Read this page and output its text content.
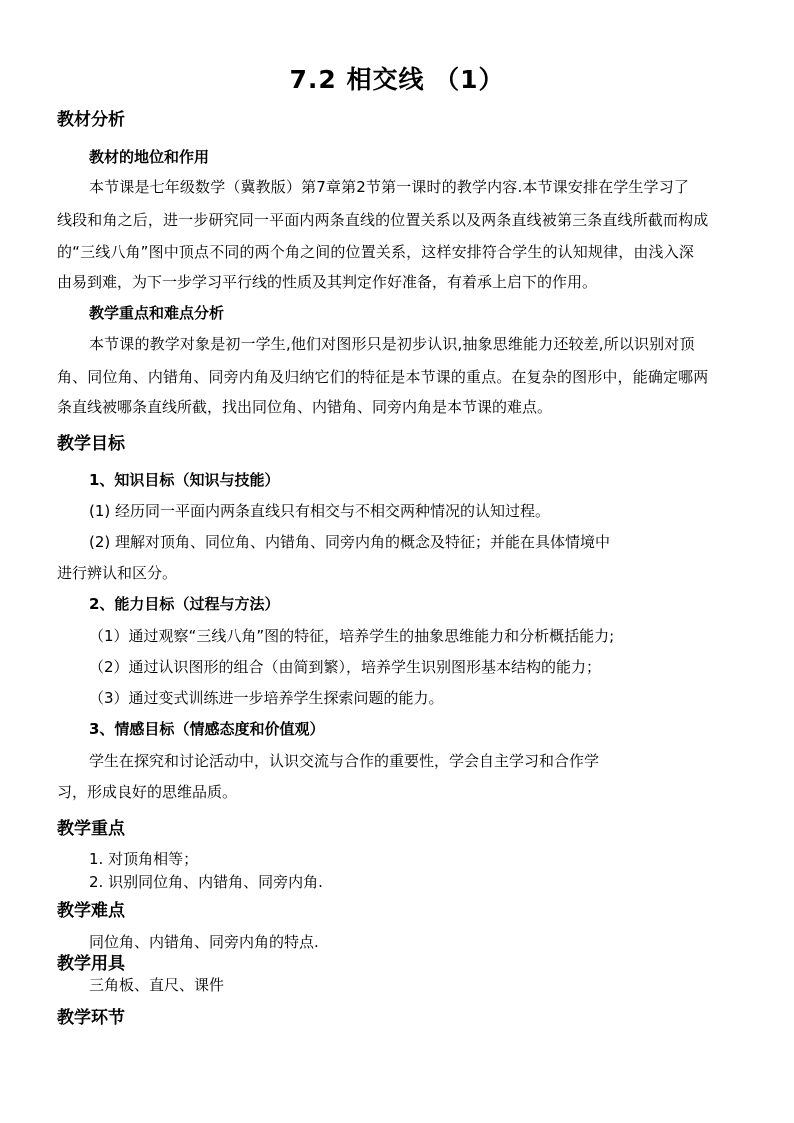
7.2 相交线 （1）
教材分析
教材的地位和作用
本节课是七年级数学（冀教版）第7章第2节第一课时的教学内容.本节课安排在学生学习了
线段和角之后，进一步研究同一平面内两条直线的位置关系以及两条直线被第三条直线所截而构成
的“三线八角”图中顶点不同的两个角之间的位置关系，这样安排符合学生的认知规律，由浅入深
由易到难，为下一步学习平行线的性质及其判定作好准备，有着承上启下的作用。
教学重点和难点分析
本节课的教学对象是初一学生,他们对图形只是初步认识,抽象思维能力还较差,所以识别对顶
角、同位角、内错角、同旁内角及归纳它们的特征是本节课的重点。在复杂的图形中，能确定哪两
条直线被哪条直线所截，找出同位角、内错角、同旁内角是本节课的难点。
教学目标
1、知识目标（知识与技能）
(1) 经历同一平面内两条直线只有相交与不相交两种情况的认知过程。
(2) 理解对顶角、同位角、内错角、同旁内角的概念及特征；并能在具体情境中
进行辨认和区分。
2、能力目标（过程与方法）
（1）通过观察“三线八角”图的特征，培养学生的抽象思维能力和分析概括能力;
（2）通过认识图形的组合（由简到繁），培养学生识别图形基本结构的能力；
（3）通过变式训练进一步培养学生探索问题的能力。
3、情感目标（情感态度和价值观）
学生在探究和讨论活动中，认识交流与合作的重要性，学会自主学习和合作学
习，形成良好的思维品质。
教学重点
1. 对顶角相等；
2. 识别同位角、内错角、同旁内角.
教学难点
同位角、内错角、同旁内角的特点.
教学用具
三角板、直尺、课件
教学环节
